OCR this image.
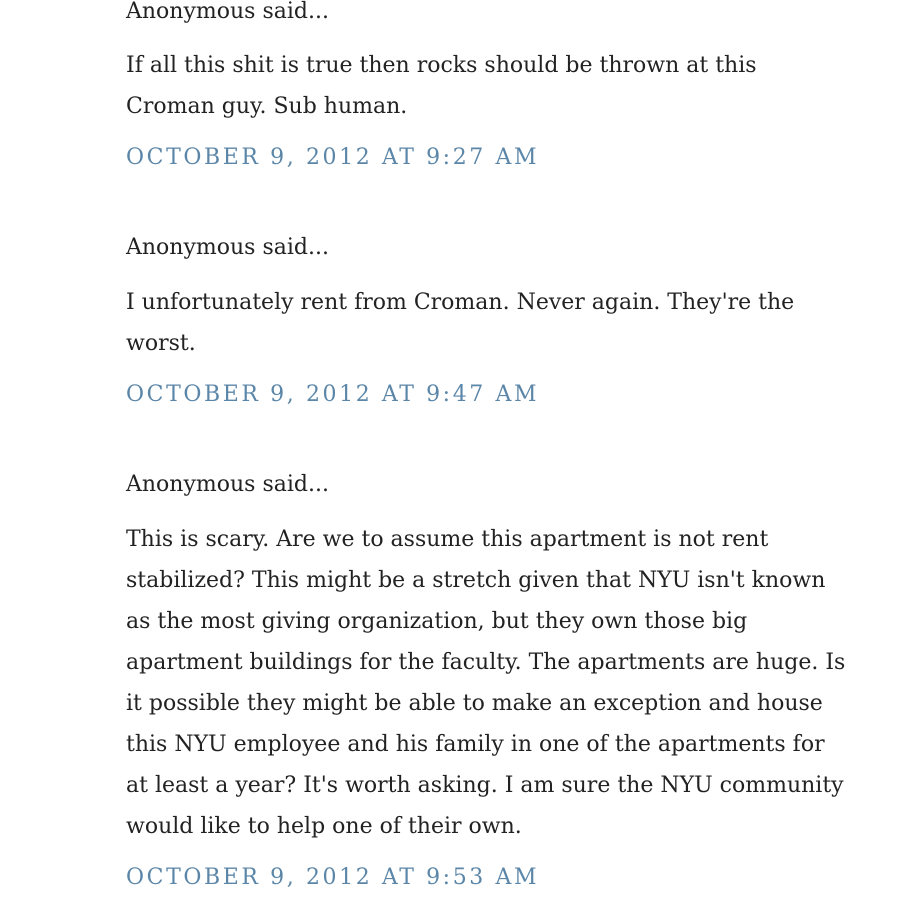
Anonymous said...

If all this shit is true then rocks should be thrown at this Croman guy. Sub human.

OCTOBER 9, 2012 AT 9:27 AM

Anonymous said...

I unfortunately rent from Croman. Never again. They're the worst.

OCTOBER 9, 2012 AT 9:47 AM

Anonymous said...

This is scary. Are we to assume this apartment is not rent stabilized? This might be a stretch given that NYU isn't known as the most giving organization, but they own those big apartment buildings for the faculty. The apartments are huge. Is it possible they might be able to make an exception and house this NYU employee and his family in one of the apartments for at least a year? It's worth asking. I am sure the NYU community would like to help one of their own.

OCTOBER 9, 2012 AT 9:53 AM
